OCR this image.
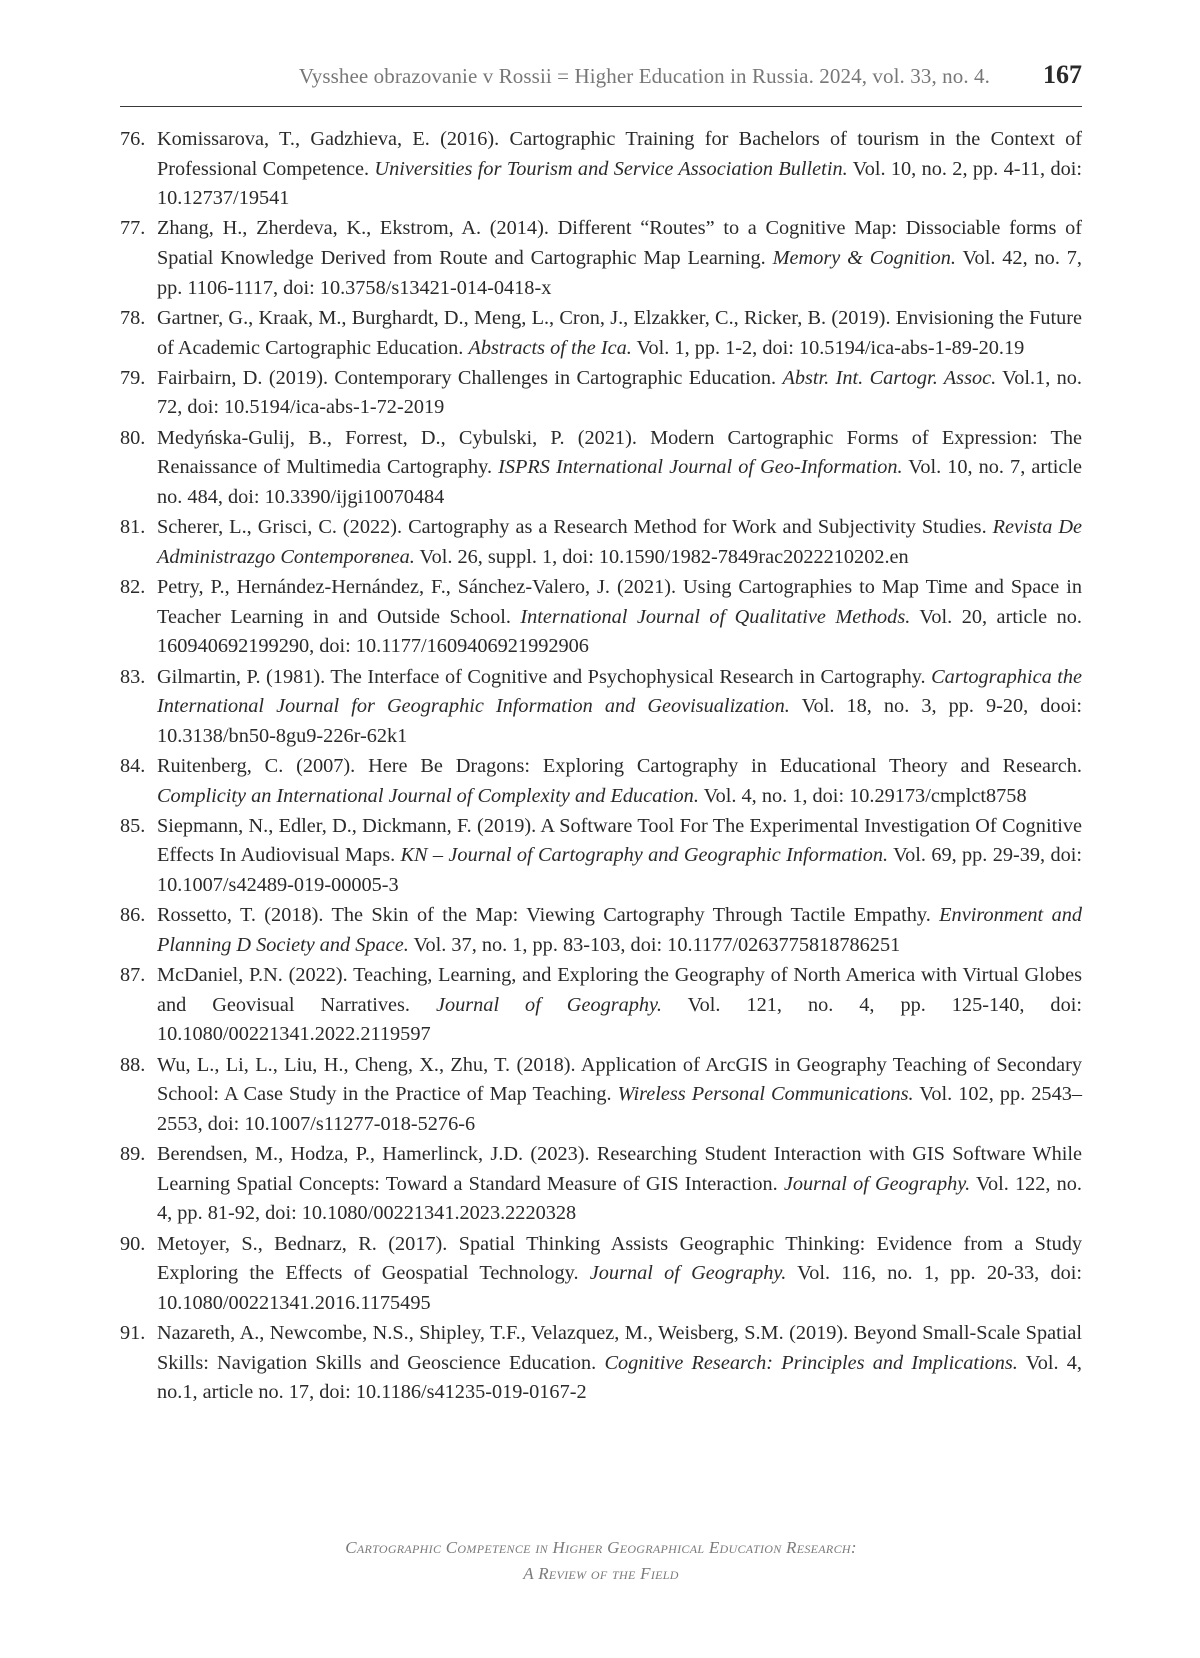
Vysshee obrazovanie v Rossii = Higher Education in Russia. 2024, vol. 33, no. 4. 167
76. Komissarova, T., Gadzhieva, E. (2016). Cartographic Training for Bachelors of tourism in the Context of Professional Competence. Universities for Tourism and Service Association Bulletin. Vol. 10, no. 2, pp. 4-11, doi: 10.12737/19541
77. Zhang, H., Zherdeva, K., Ekstrom, A. (2014). Different “Routes” to a Cognitive Map: Dissociable forms of Spatial Knowledge Derived from Route and Cartographic Map Learning. Memory & Cognition. Vol. 42, no. 7, pp. 1106-1117, doi: 10.3758/s13421-014-0418-x
78. Gartner, G., Kraak, M., Burghardt, D., Meng, L., Cron, J., Elzakker, C., Ricker, B. (2019). Envisioning the Future of Academic Cartographic Education. Abstracts of the Ica. Vol. 1, pp. 1-2, doi: 10.5194/ica-abs-1-89-20.19
79. Fairbairn, D. (2019). Contemporary Challenges in Cartographic Education. Abstr. Int. Cartogr. Assoc. Vol.1, no. 72, doi: 10.5194/ica-abs-1-72-2019
80. Medyńska-Gulij, B., Forrest, D., Cybulski, P. (2021). Modern Cartographic Forms of Expression: The Renaissance of Multimedia Cartography. ISPRS International Journal of Geo-Information. Vol. 10, no. 7, article no. 484, doi: 10.3390/ijgi10070484
81. Scherer, L., Grisci, C. (2022). Cartography as a Research Method for Work and Subjectivity Studies. Revista De Administrazgo Contemporвnea. Vol. 26, suppl. 1, doi: 10.1590/1982-7849rac2022210202.en
82. Petry, P., Hernández-Hernández, F., Sánchez-Valero, J. (2021). Using Cartographies to Map Time and Space in Teacher Learning in and Outside School. International Journal of Qualitative Methods. Vol. 20, article no. 160940692199290, doi: 10.1177/1609406921992906
83. Gilmartin, P. (1981). The Interface of Cognitive and Psychophysical Research in Cartography. Cartographica the International Journal for Geographic Information and Geovisualization. Vol. 18, no. 3, pp. 9-20, dooi: 10.3138/bn50-8gu9-226r-62k1
84. Ruitenberg, C. (2007). Here Be Dragons: Exploring Cartography in Educational Theory and Research. Complicity an International Journal of Complexity and Education. Vol. 4, no. 1, doi: 10.29173/cmplct8758
85. Siepmann, N., Edler, D., Dickmann, F. (2019). A Software Tool For The Experimental Investigation Of Cognitive Effects In Audiovisual Maps. KN – Journal of Cartography and Geographic Information. Vol. 69, pp. 29-39, doi: 10.1007/s42489-019-00005-3
86. Rossetto, T. (2018). The Skin of the Map: Viewing Cartography Through Tactile Empathy. Environment and Planning D Society and Space. Vol. 37, no. 1, pp. 83-103, doi: 10.1177/0263775818786251
87. McDaniel, P.N. (2022). Teaching, Learning, and Exploring the Geography of North America with Virtual Globes and Geovisual Narratives. Journal of Geography. Vol. 121, no. 4, pp. 125-140, doi: 10.1080/00221341.2022.2119597
88. Wu, L., Li, L., Liu, H., Cheng, X., Zhu, T. (2018). Application of ArcGIS in Geography Teaching of Secondary School: A Case Study in the Practice of Map Teaching. Wireless Personal Communications. Vol. 102, pp. 2543–2553, doi: 10.1007/s11277-018-5276-6
89. Berendsen, M., Hodza, P., Hamerlinck, J.D. (2023). Researching Student Interaction with GIS Software While Learning Spatial Concepts: Toward a Standard Measure of GIS Interaction. Journal of Geography. Vol. 122, no. 4, pp. 81-92, doi: 10.1080/00221341.2023.2220328
90. Metoyer, S., Bednarz, R. (2017). Spatial Thinking Assists Geographic Thinking: Evidence from a Study Exploring the Effects of Geospatial Technology. Journal of Geography. Vol. 116, no. 1, pp. 20-33, doi: 10.1080/00221341.2016.1175495
91. Nazareth, A., Newcombe, N.S., Shipley, T.F., Velazquez, M., Weisberg, S.M. (2019). Beyond Small-Scale Spatial Skills: Navigation Skills and Geoscience Education. Cognitive Research: Principles and Implications. Vol. 4, no.1, article no. 17, doi: 10.1186/s41235-019-0167-2
Cartographic Competence in Higher Geographical Education Research:
A Review of the Field
